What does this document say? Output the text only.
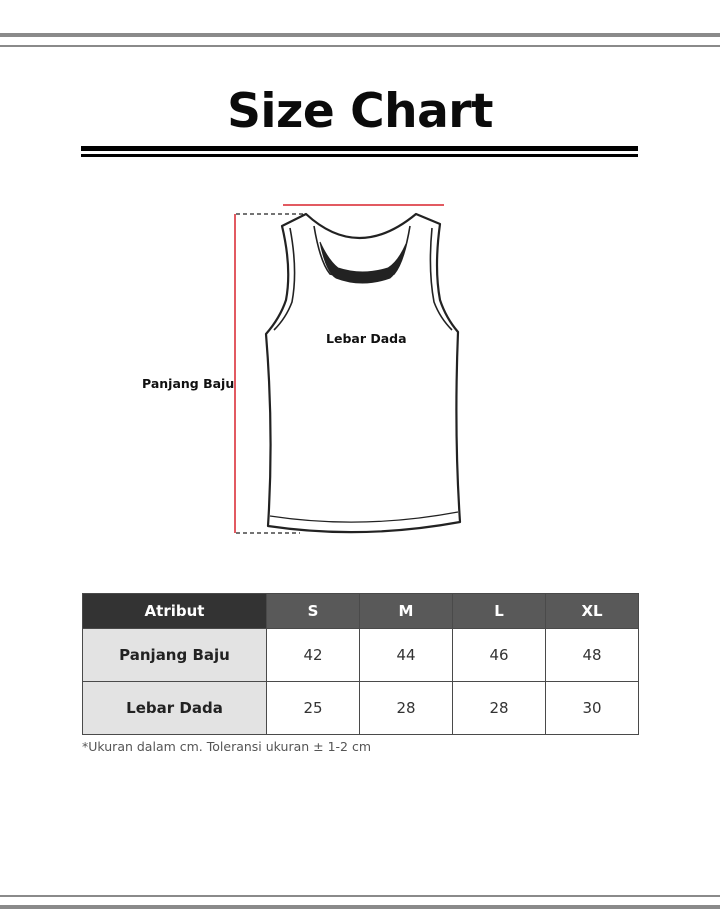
Size Chart
Lebar Dada
Panjang Baju
Atribut	S	M	L	XL
Panjang Baju	42	44	46	48
Lebar Dada	25	28	28	30
*Ukuran dalam cm. Toleransi ukuran ± 1-2 cm
